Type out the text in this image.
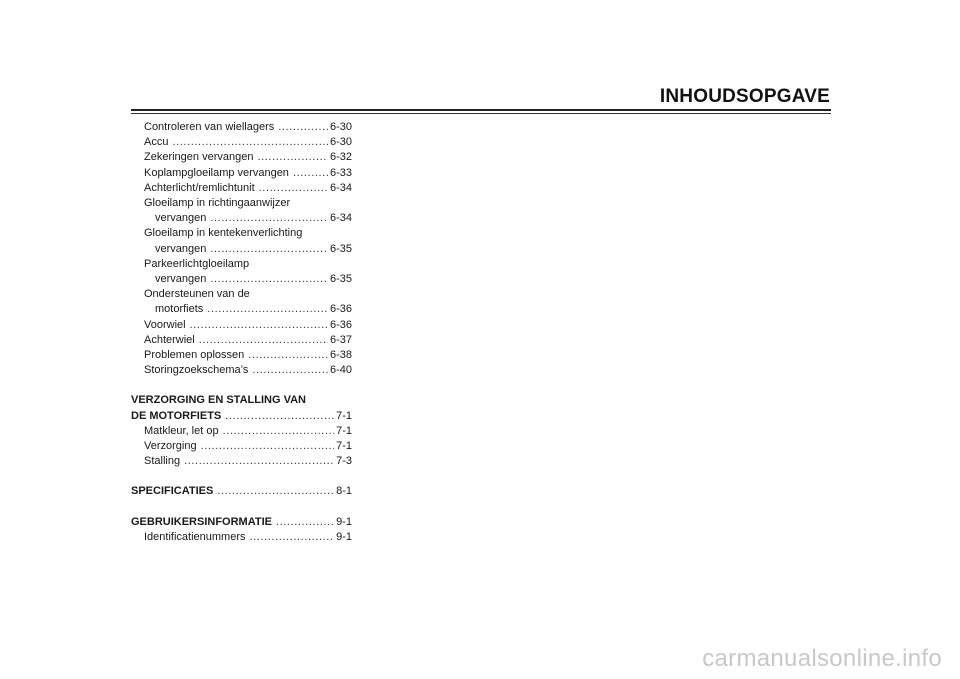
INHOUDSOPGAVE
Controleren van wiellagers .....	6-30
Accu .....	6-30
Zekeringen vervangen .....	6-32
Koplampgloeilamp vervangen .....	6-33
Achterlicht/remlichtunit .....	6-34
Gloeilamp in richtingaanwijzer
vervangen .....	6-34
Gloeilamp in kentekenverlichting
vervangen .....	6-35
Parkeerlichtgloeilamp
vervangen .....	6-35
Ondersteunen van de
motorfiets .....	6-36
Voorwiel .....	6-36
Achterwiel .....	6-37
Problemen oplossen .....	6-38
Storingzoekschema’s .....	6-40
VERZORGING EN STALLING VAN
DE MOTORFIETS .....	7-1
Matkleur, let op .....	7-1
Verzorging .....	7-1
Stalling .....	7-3
SPECIFICATIES .....	8-1
GEBRUIKERSINFORMATIE .....	9-1
Identificatienummers .....	9-1
carmanualsonline.info
